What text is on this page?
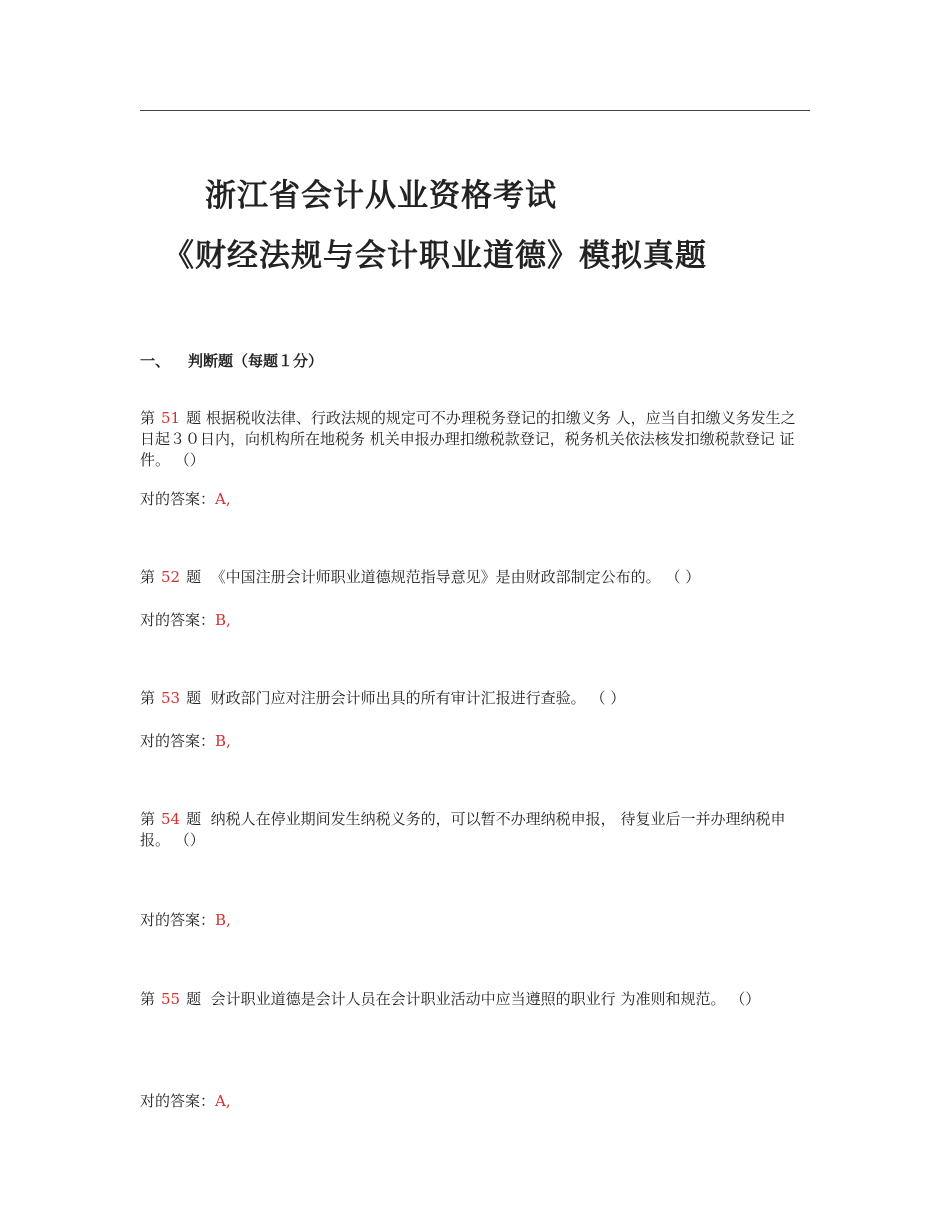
浙江省会计从业资格考试
《财经法规与会计职业道德》模拟真题
一、 判断题（每题１分）
第 51 题 根据税收法律、行政法规的规定可不办理税务登记的扣缴义务 人，应当自扣缴义务发生之日起３０日内，向机构所在地税务 机关申报办理扣缴税款登记，税务机关依法核发扣缴税款登记 证件。 （）
对的答案：A,
第 52 题 《中国注册会计师职业道德规范指导意见》是由财政部制定公布的。 （ ）
对的答案：B,
第 53 题 财政部门应对注册会计师出具的所有审计汇报进行查验。 （ ）
对的答案：B,
第 54 题 纳税人在停业期间发生纳税义务的，可以暂不办理纳税申报， 待复业后一并办理纳税申报。 （）
对的答案：B,
第 55 题 会计职业道德是会计人员在会计职业活动中应当遵照的职业行 为准则和规范。 （）
对的答案：A,
